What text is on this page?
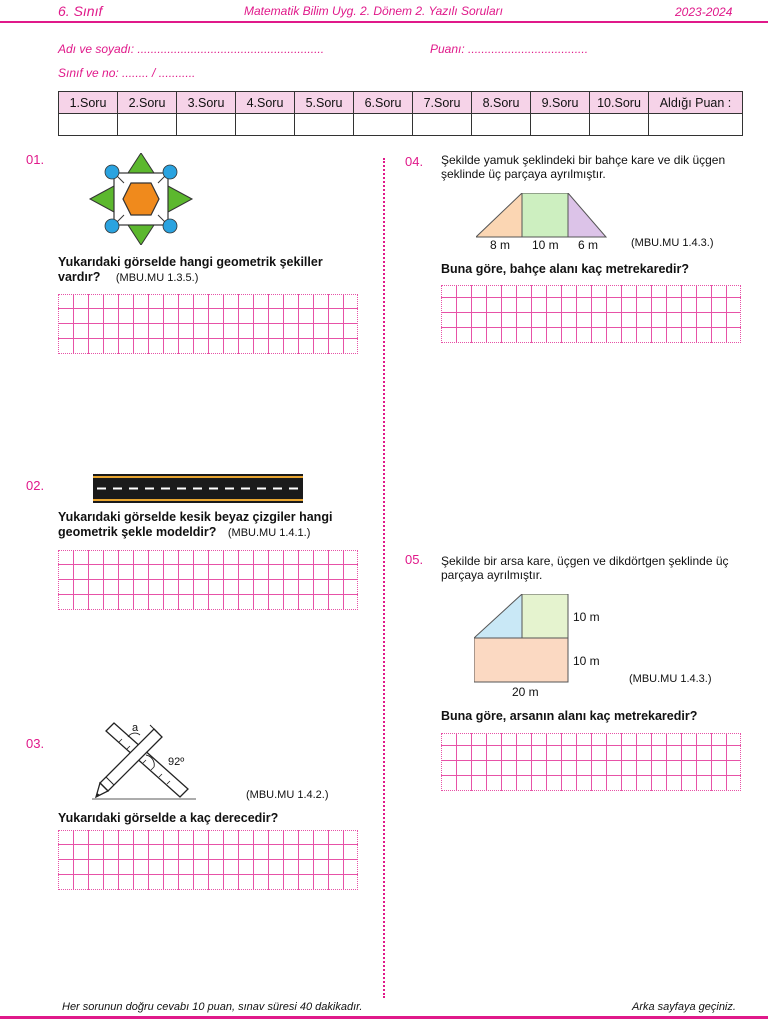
6. Sınıf	Matematik Bilim Uyg. 2. Dönem 2. Yazılı Soruları	2023-2024
Adı ve soyadı: ........................................................	Puanı: ....................................
Sınıf ve no: ........ / ...........
1.Soru	2.Soru	3.Soru	4.Soru	5.Soru	6.Soru	7.Soru	8.Soru	9.Soru	10.Soru	Aldığı Puan :

01.
Yukarıdaki görselde hangi geometrik şekiller vardır? (MBU.MU 1.3.5.)
02.
Yukarıdaki görselde kesik beyaz çizgiler hangi geometrik şekle modeldir? (MBU.MU 1.4.1.)
03.
a
92º
(MBU.MU 1.4.2.)
Yukarıdaki görselde a kaç derecedir?
04. Şekilde yamuk şeklindeki bir bahçe kare ve dik üçgen şeklinde üç parçaya ayrılmıştır.
8 m 10 m 6 m	(MBU.MU 1.4.3.)
Buna göre, bahçe alanı kaç metrekaredir?
05. Şekilde bir arsa kare, üçgen ve dikdörtgen şeklinde üç parçaya ayrılmıştır.
10 m
10 m
20 m
(MBU.MU 1.4.3.)
Buna göre, arsanın alanı kaç metrekaredir?
Her sorunun doğru cevabı 10 puan, sınav süresi 40 dakikadır.	Arka sayfaya geçiniz.
